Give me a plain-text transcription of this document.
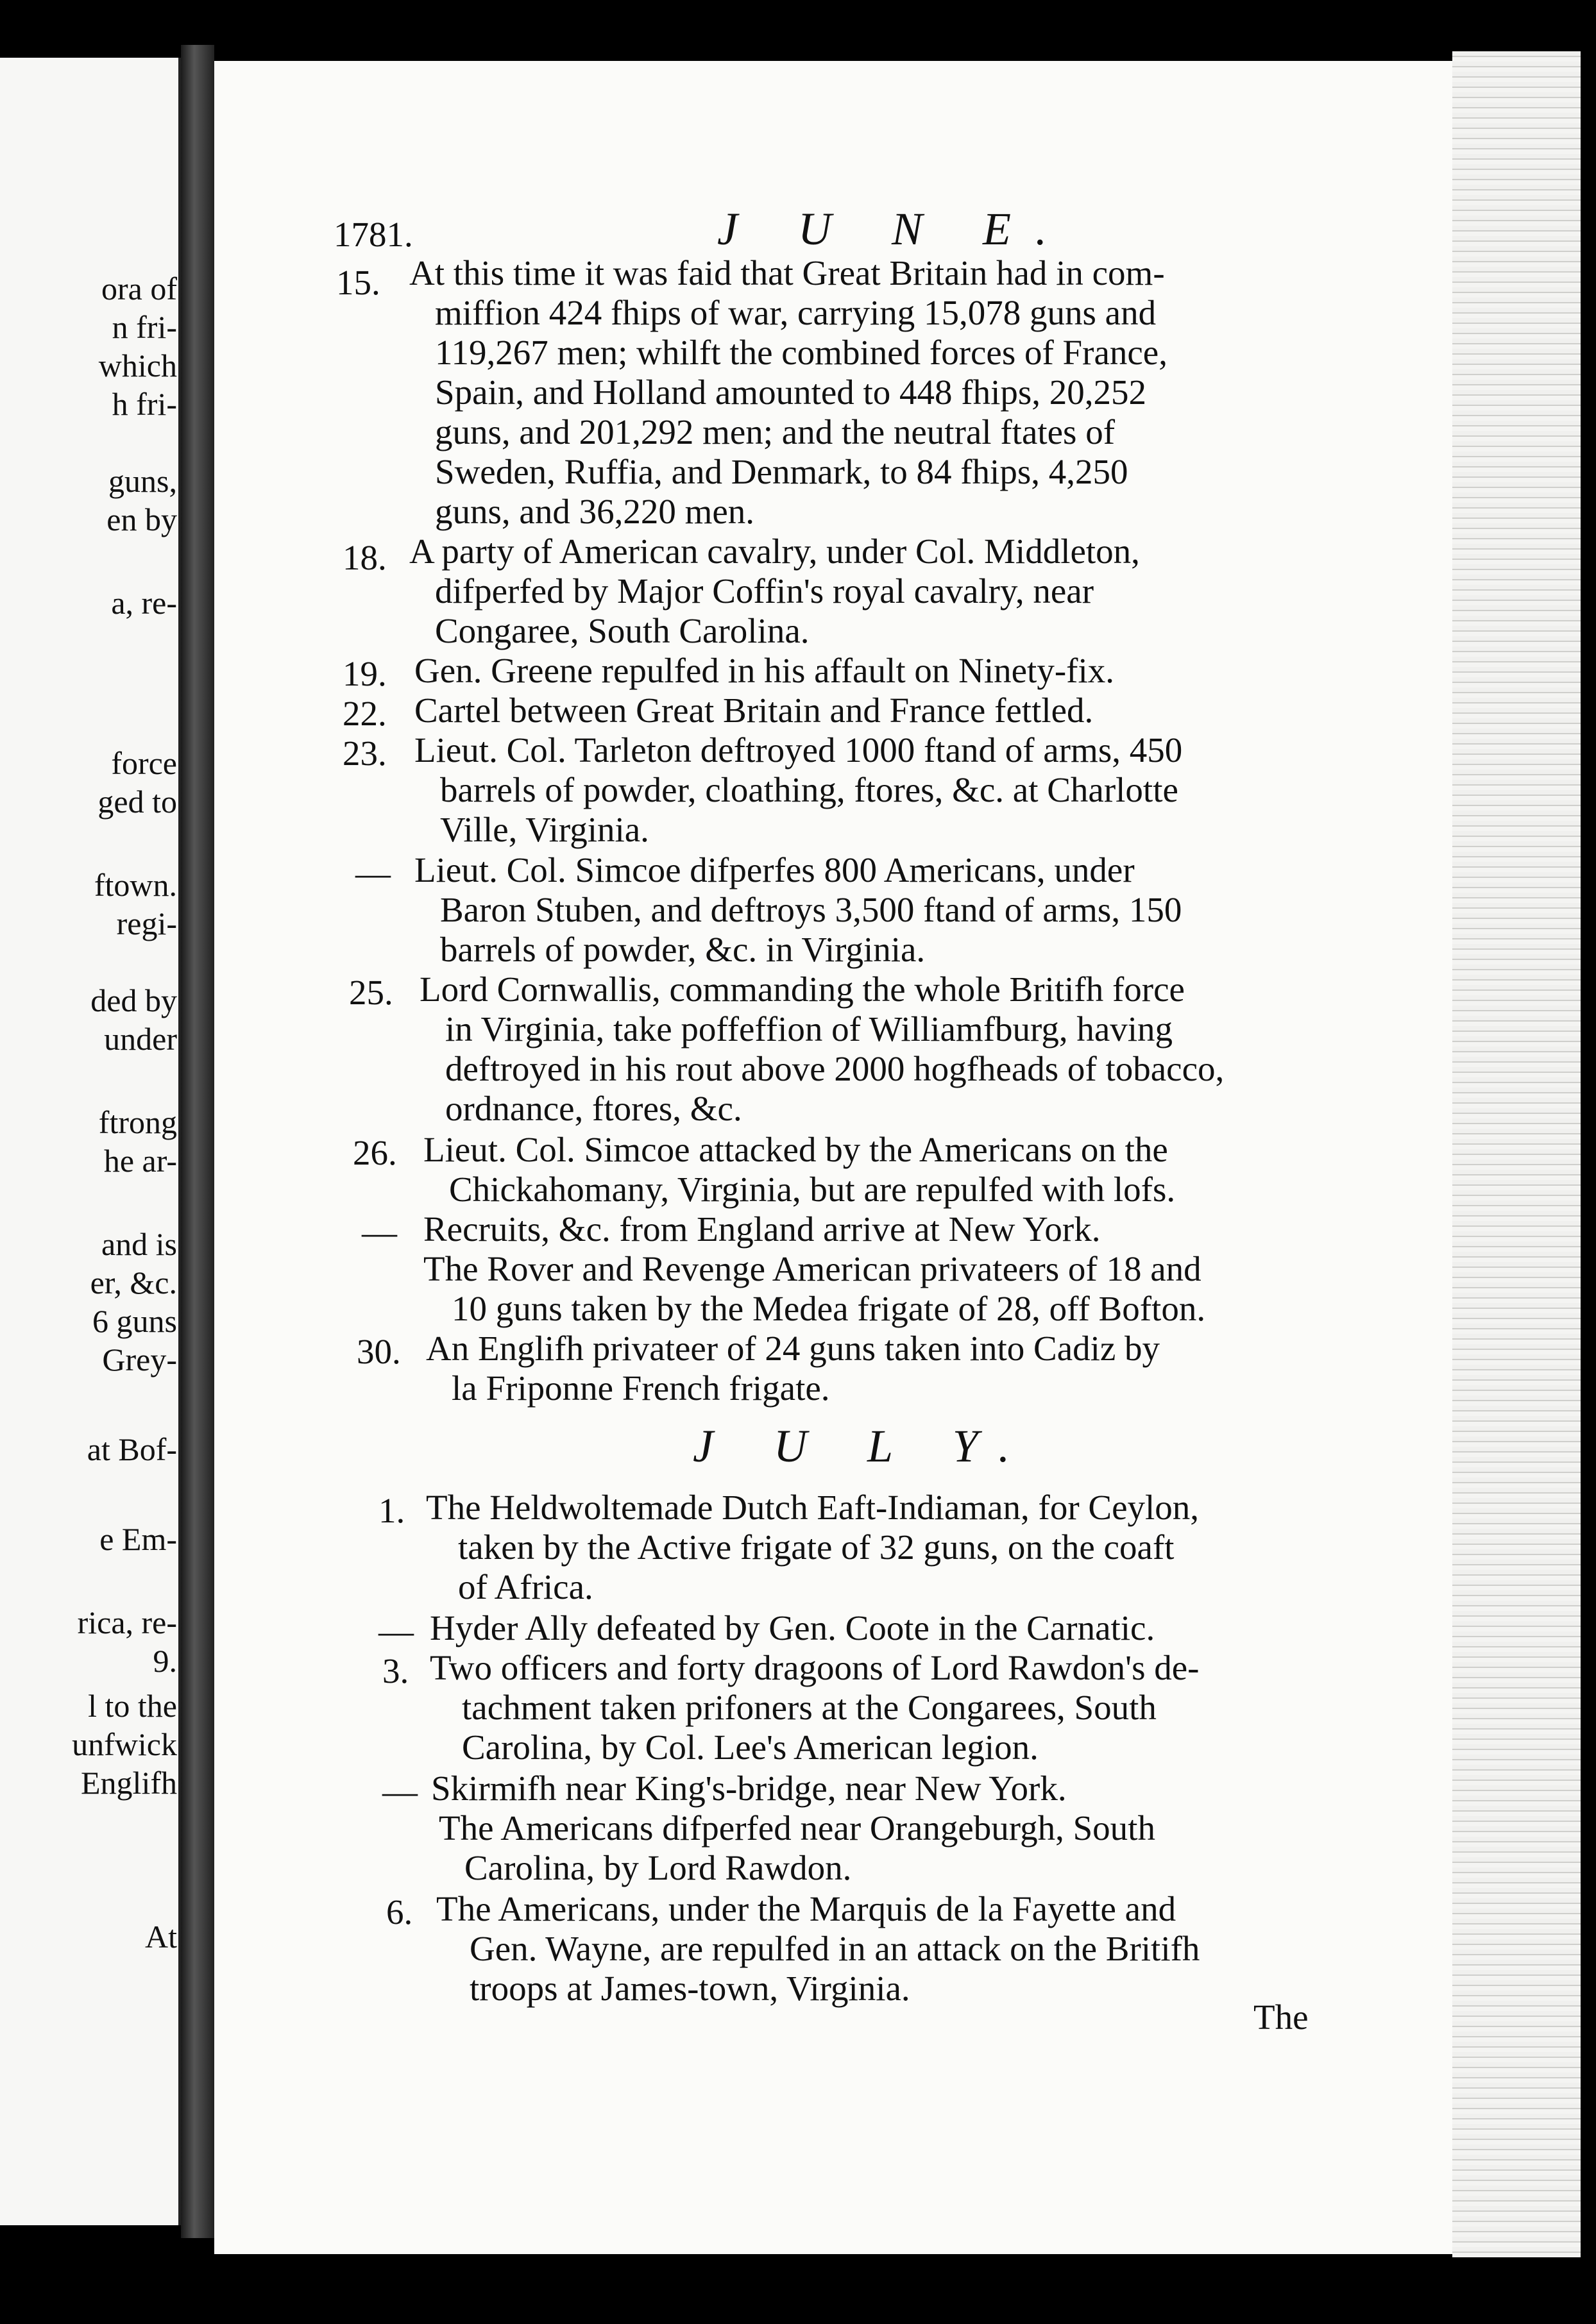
ora of
n fri-
which
h fri-
guns,
en by
a, re-
force
ged to
ftown.
regi-
ded by
under
ftrong
he ar-
and is
er, &c.
6 guns
Grey-
at Bof-
e Em-
rica, re-
9.
l to the
unfwick
Englifh
At
1781.	J U N E.
15. At this time it was faid that Great Britain had in com-
miffion 424 fhips of war, carrying 15,078 guns and
119,267 men; whilft the combined forces of France,
Spain, and Holland amounted to 448 fhips, 20,252
guns, and 201,292 men; and the neutral ftates of
Sweden, Ruffia, and Denmark, to 84 fhips, 4,250
guns, and 36,220 men.
18. A party of American cavalry, under Col. Middleton,
difperfed by Major Coffin's royal cavalry, near
Congaree, South Carolina.
19. Gen. Greene repulfed in his affault on Ninety-fix.
22. Cartel between Great Britain and France fettled.
23. Lieut. Col. Tarleton deftroyed 1000 ftand of arms, 450
barrels of powder, cloathing, ftores, &c. at Charlotte
Ville, Virginia.
— Lieut. Col. Simcoe difperfes 800 Americans, under
Baron Stuben, and deftroys 3,500 ftand of arms, 150
barrels of powder, &c. in Virginia.
25. Lord Cornwallis, commanding the whole Britifh force
in Virginia, take poffeffion of Williamfburg, having
deftroyed in his rout above 2000 hogfheads of tobacco,
ordnance, ftores, &c.
26. Lieut. Col. Simcoe attacked by the Americans on the
Chickahomany, Virginia, but are repulfed with lofs.
— Recruits, &c. from England arrive at New York.
The Rover and Revenge American privateers of 18 and
10 guns taken by the Medea frigate of 28, off Bofton.
30. An Englifh privateer of 24 guns taken into Cadiz by
la Friponne French frigate.
J U L Y.
1. The Heldwoltemade Dutch Eaft-Indiaman, for Ceylon,
taken by the Active frigate of 32 guns, on the coaft
of Africa.
— Hyder Ally defeated by Gen. Coote in the Carnatic.
3. Two officers and forty dragoons of Lord Rawdon's de-
tachment taken prifoners at the Congarees, South
Carolina, by Col. Lee's American legion.
— Skirmifh near King's-bridge, near New York.
The Americans difperfed near Orangeburgh, South
Carolina, by Lord Rawdon.
6. The Americans, under the Marquis de la Fayette and
Gen. Wayne, are repulfed in an attack on the Britifh
troops at James-town, Virginia.
The
